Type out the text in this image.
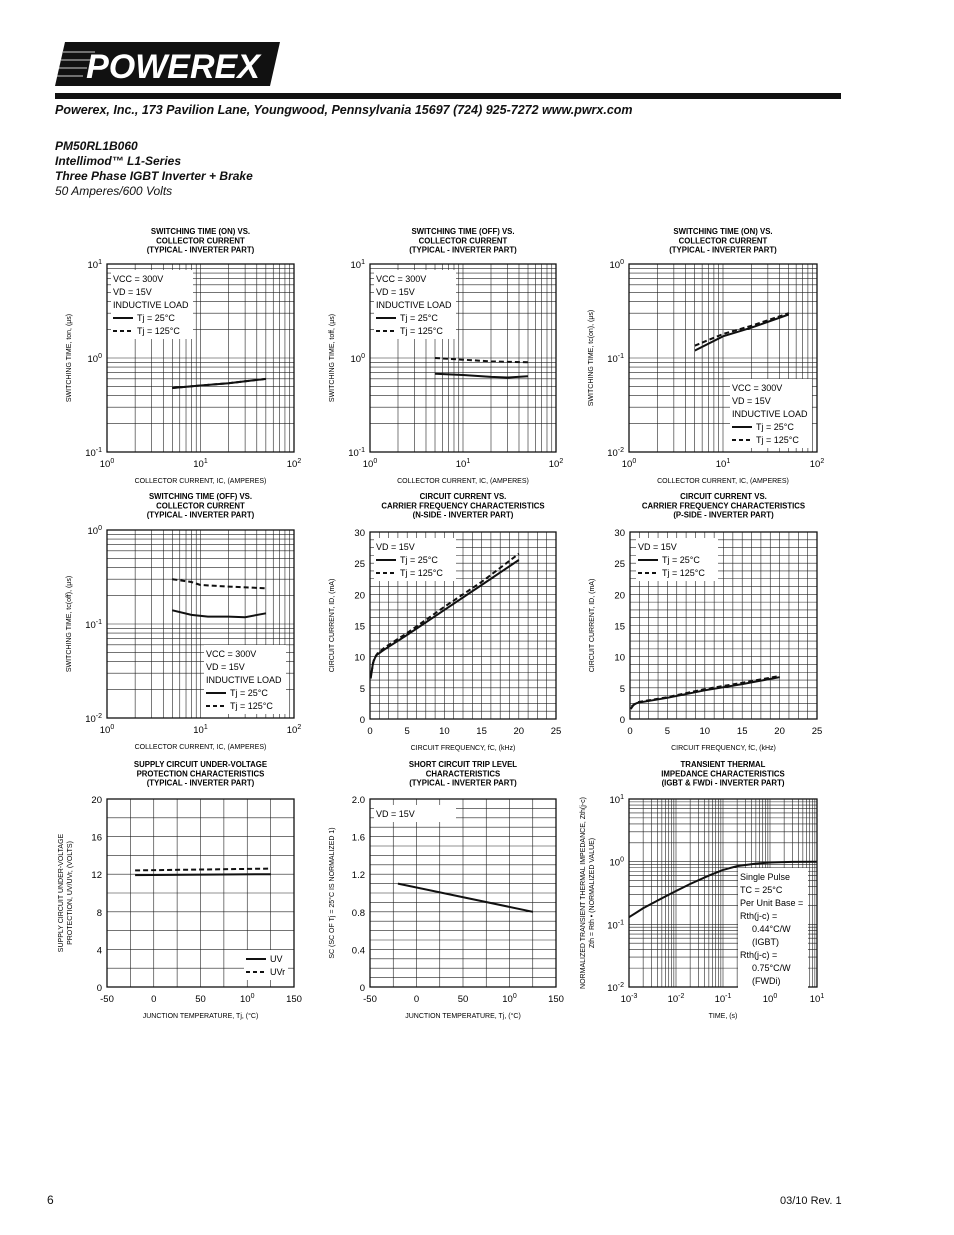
POWEREX
Powerex, Inc., 173 Pavilion Lane, Youngwood, Pennsylvania 15697 (724) 925-7272 www.pwrx.com
PM50RL1B060
Intellimod™ L1-Series
Three Phase IGBT Inverter + Brake
50 Amperes/600 Volts
SWITCHING TIME (ON) VS.
COLLECTOR CURRENT
(TYPICAL - INVERTER PART)
$10^0$	$10^1$	$10^2$
$10^{-1}$
$10^0$
$10^1$
COLLECTOR CURRENT, IC, (AMPERES)
SWITCHING TIME, ton, (μs)
VCC = 300V
VD = 15V
INDUCTIVE LOAD
Tj = 25°C
Tj = 125°C
SWITCHING TIME (OFF) VS.
COLLECTOR CURRENT
(TYPICAL - INVERTER PART)
$10^0$	$10^1$	$10^2$
$10^{-1}$
$10^0$
$10^1$
COLLECTOR CURRENT, IC, (AMPERES)
SWITCHING TIME, toff, (μs)
VCC = 300V
VD = 15V
INDUCTIVE LOAD
Tj = 25°C
Tj = 125°C
SWITCHING TIME (ON) VS.
COLLECTOR CURRENT
(TYPICAL - INVERTER PART)
$10^0$	$10^1$	$10^2$
$10^{-2}$
$10^{-1}$
$10^0$
COLLECTOR CURRENT, IC, (AMPERES)
SWITCHING TIME, tc(on), (μs)	VCC = 300V
VD = 15V
INDUCTIVE LOAD
Tj = 25°C
Tj = 125°C
SWITCHING TIME (OFF) VS.
COLLECTOR CURRENT
(TYPICAL - INVERTER PART)
$10^0$	$10^1$	$10^2$
$10^{-2}$
$10^{-1}$
$10^0$
COLLECTOR CURRENT, IC, (AMPERES)
SWITCHING TIME, tc(off), (μs)	VCC = 300V
VD = 15V
INDUCTIVE LOAD
Tj = 25°C
Tj = 125°C
CIRCUIT CURRENT VS.
CARRIER FREQUENCY CHARACTERISTICS
(N-SIDE - INVERTER PART)
0	5	10	15	20	25
0
5
10
15
20
25
30
CIRCUIT FREQUENCY, fC, (kHz)
CIRCUIT CURRENT, ID, (mA)
VD = 15V
Tj = 25°C
Tj = 125°C
CIRCUIT CURRENT VS.
CARRIER FREQUENCY CHARACTERISTICS
(P-SIDE - INVERTER PART)
0	5	10	15	20	25
0
5
10
15
20
25
30
CIRCUIT FREQUENCY, fC, (kHz)
CIRCUIT CURRENT, ID, (mA)
VD = 15V
Tj = 25°C
Tj = 125°C
SUPPLY CIRCUIT UNDER-VOLTAGE
PROTECTION CHARACTERISTICS
(TYPICAL - INVERTER PART)
-50	0	50	$10^0$	150
0
4
8
12
16
20
JUNCTION TEMPERATURE, Tj, (°C)
SUPPLY CIRCUIT UNDER-VOLTAGE PROTECTION, UV/UVr, (VOLTS)
UV
UVr
SHORT CIRCUIT TRIP LEVEL
CHARACTERISTICS
(TYPICAL - INVERTER PART)
-50	0	50	$10^0$	150
0
0.4
0.8
1.2
1.6
2.0
JUNCTION TEMPERATURE, Tj, (°C)
SC (SC OF Tj = 25°C IS NORMALIZED 1)
VD = 15V
TRANSIENT THERMAL
IMPEDANCE CHARACTERISTICS
(IGBT & FWDi - INVERTER PART)
$10^{-3}$	$10^{-2}$	$10^{-1}$	$10^0$	$10^1$
$10^{-2}$
$10^{-1}$
$10^0$
$10^1$
TIME, (s)
NORMALIZED TRANSIENT THERMAL IMPEDANCE, Zth(j-c) Zth = Rth • (NORMALIZED VALUE)	Single Pulse
TC = 25°C
Per Unit Base =
Rth(j-c) =
0.44°C/W
(IGBT)
Rth(j-c) =
0.75°C/W
(FWDi)
6	03/10 Rev. 1
